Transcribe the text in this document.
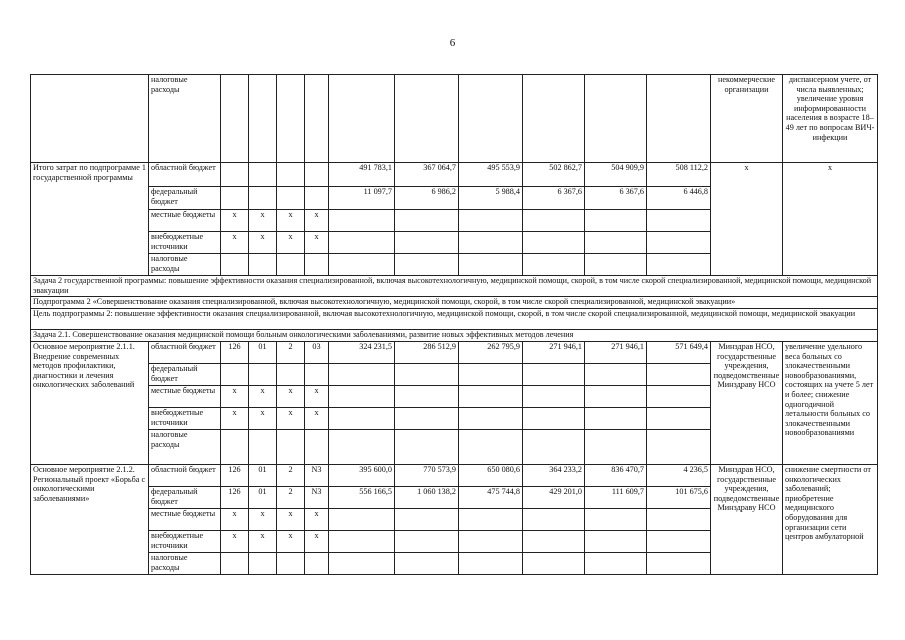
6
	налоговые расходы											некоммерческие организации	диспансерном учете, от числа выявленных; увеличение уровня информированности населения в возрасте 18–49 лет по вопросам ВИЧ-инфекции
Итого затрат по подпрограмме 1 государственной программы	областной бюджет					491 783,1	367 064,7	495 553,9	502 862,7	504 909,9	508 112,2	x	x
	федеральный бюджет					11 097,7	6 986,2	5 988,4	6 367,6	6 367,6	6 446,8		
	местные бюджеты	x	x	x	x								
	внебюджетные источники	x	x	x	x								
	налоговые расходы												
Задача 2 государственной программы: повышение эффективности оказания специализированной, включая высокотехнологичную, медицинской помощи, скорой, в том числе скорой специализированной, медицинской помощи, медицинской эвакуации													
Подпрограмма 2 «Совершенствование оказания специализированной, включая высокотехнологичную, медицинской помощи, скорой, в том числе скорой специализированной, медицинской эвакуации»													
Цель подпрограммы 2: повышение эффективности оказания специализированной, включая высокотехнологичную, медицинской помощи, скорой, в том числе скорой специализированной, медицинской помощи, медицинской эвакуации													
Задача 2.1. Совершенствование оказания медицинской помощи больным онкологическими заболеваниями, развитие новых эффективных методов лечения													
Основное мероприятие 2.1.1. Внедрение современных методов профилактики, диагностики и лечения онкологических заболеваний	областной бюджет	126	01	2	03	324 231,5	286 512,9	262 795,9	271 946,1	271 946,1	571 649,4	Минздрав НСО, государственные учреждения, подведомственные Минздраву НСО	увеличение удельного веса больных со злокачественными новообразованиями, состоящих на учете 5 лет и более; снижение одногодичной летальности больных со злокачественными новообразованиями
	федеральный бюджет												
	местные бюджеты	x	x	x	x								
	внебюджетные источники	x	x	x	x								
	налоговые расходы												
Основное мероприятие 2.1.2. Региональный проект «Борьба с онкологическими заболеваниями»	областной бюджет	126	01	2	N3	395 600,0	770 573,9	650 080,6	364 233,2	836 470,7	4 236,5	Минздрав НСО, государственные учреждения, подведомственные Минздраву НСО	снижение смертности от онкологических заболеваний; приобретение медицинского оборудования для организации сети центров амбулаторной
	федеральный бюджет	126	01	2	N3	556 166,5	1 060 138,2	475 744,8	429 201,0	111 609,7	101 675,6		
	местные бюджеты	x	x	x	x								
	внебюджетные источники	x	x	x	x								
	налоговые расходы												
